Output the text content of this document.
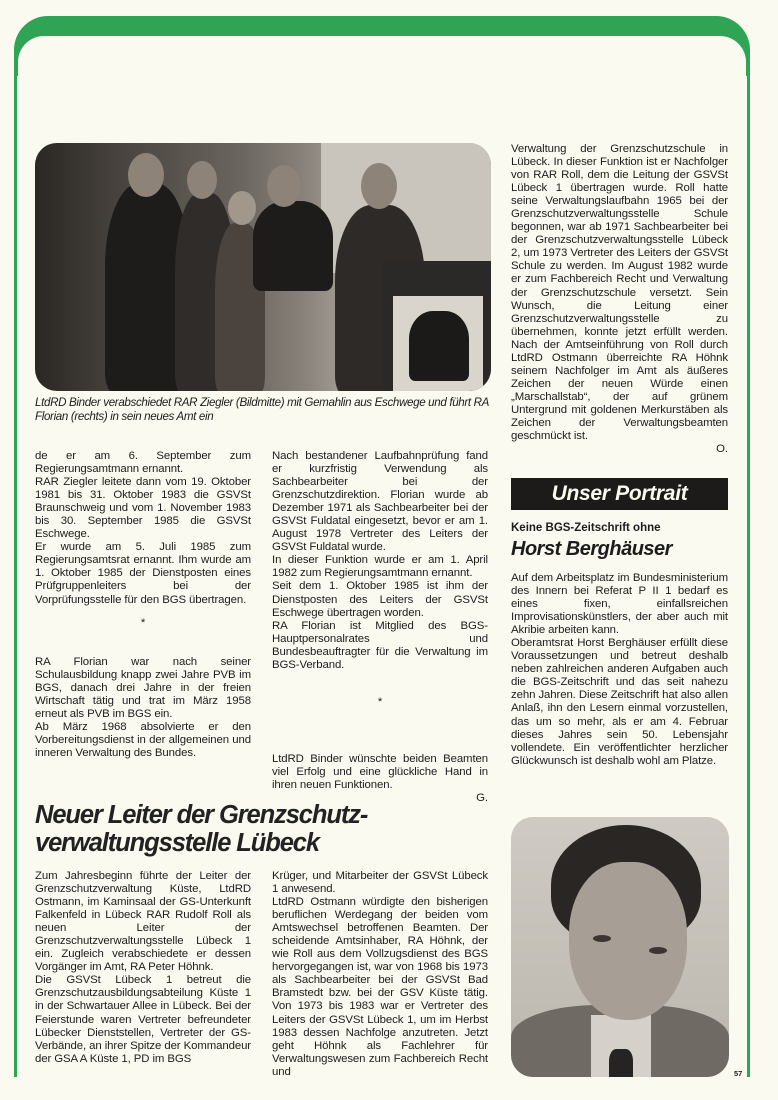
LtdRD Binder verabschiedet RAR Ziegler (Bildmitte) mit Gemahlin aus Eschwege und führt RA Florian (rechts) in sein neues Amt ein

de er am 6. September zum Regierungsamtmann ernannt.

RAR Ziegler leitete dann vom 19. Oktober 1981 bis 31. Oktober 1983 die GSVSt Braunschweig und vom 1. November 1983 bis 30. September 1985 die GSVSt Eschwege.

Er wurde am 5. Juli 1985 zum Regierungsamtsrat ernannt. Ihm wurde am 1. Oktober 1985 der Dienstposten eines Prüfgruppenleiters bei der Vorprüfungsstelle für den BGS übertragen.

*

RA Florian war nach seiner Schulausbildung knapp zwei Jahre PVB im BGS, danach drei Jahre in der freien Wirtschaft tätig und trat im März 1958 erneut als PVB im BGS ein.

Ab März 1968 absolvierte er den Vorbereitungsdienst in der allgemeinen und inneren Verwaltung des Bundes.

Nach bestandener Laufbahnprüfung fand er kurzfristig Verwendung als Sachbearbeiter bei der Grenzschutzdirektion. Florian wurde ab Dezember 1971 als Sachbearbeiter bei der GSVSt Fuldatal eingesetzt, bevor er am 1. August 1978 Vertreter des Leiters der GSVSt Fuldatal wurde.

In dieser Funktion wurde er am 1. April 1982 zum Regierungsamtmann ernannt.

Seit dem 1. Oktober 1985 ist ihm der Dienstposten des Leiters der GSVSt Eschwege übertragen worden.

RA Florian ist Mitglied des BGS-Hauptpersonalrates und Bundesbeauftragter für die Verwaltung im BGS-Verband.

*

LtdRD Binder wünschte beiden Beamten viel Erfolg und eine glückliche Hand in ihren neuen Funktionen.

G.

Verwaltung der Grenzschutzschule in Lübeck. In dieser Funktion ist er Nachfolger von RAR Roll, dem die Leitung der GSVSt Lübeck 1 übertragen wurde. Roll hatte seine Verwaltungslaufbahn 1965 bei der Grenzschutzverwaltungsstelle Schule begonnen, war ab 1971 Sachbearbeiter bei der Grenzschutzverwaltungsstelle Lübeck 2, um 1973 Vertreter des Leiters der GSVSt Schule zu werden. Im August 1982 wurde er zum Fachbereich Recht und Verwaltung der Grenzschutzschule versetzt. Sein Wunsch, die Leitung einer Grenzschutzverwaltungsstelle zu übernehmen, konnte jetzt erfüllt werden. Nach der Amtseinführung von Roll durch LtdRD Ostmann überreichte RA Höhnk seinem Nachfolger im Amt als äußeres Zeichen der neuen Würde einen „Marschallstab“, der auf grünem Untergrund mit goldenen Merkurstäben als Zeichen der Verwaltungsbeamten geschmückt ist.

O.
Unser Portrait
Keine BGS-Zeitschrift ohne
Horst Berghäuser

Auf dem Arbeitsplatz im Bundesministerium des Innern bei Referat P II 1 bedarf es eines fixen, einfallsreichen Improvisationskünstlers, der aber auch mit Akribie arbeiten kann.

Oberamtsrat Horst Berghäuser erfüllt diese Voraussetzungen und betreut deshalb neben zahlreichen anderen Aufgaben auch die BGS-Zeitschrift und das seit nahezu zehn Jahren. Diese Zeitschrift hat also allen Anlaß, ihn den Lesern einmal vorzustellen, das um so mehr, als er am 4. Februar dieses Jahres sein 50. Lebensjahr vollendete. Ein veröffentlichter herzlicher Glückwunsch ist deshalb wohl am Platze.

Neuer Leiter der Grenzschutz-
verwaltungsstelle Lübeck

Zum Jahresbeginn führte der Leiter der Grenzschutzverwaltung Küste, LtdRD Ostmann, im Kaminsaal der GS-Unterkunft Falkenfeld in Lübeck RAR Rudolf Roll als neuen Leiter der Grenzschutzverwaltungsstelle Lübeck 1 ein. Zugleich verabschiedete er dessen Vorgänger im Amt, RA Peter Höhnk.

Die GSVSt Lübeck 1 betreut die Grenzschutzausbildungsabteilung Küste 1 in der Schwartauer Allee in Lübeck. Bei der Feierstunde waren Vertreter befreundeter Lübecker Dienststellen, Vertreter der GS-Verbände, an ihrer Spitze der Kommandeur der GSA A Küste 1, PD im BGS

Krüger, und Mitarbeiter der GSVSt Lübeck 1 anwesend.

LtdRD Ostmann würdigte den bisherigen beruflichen Werdegang der beiden vom Amtswechsel betroffenen Beamten. Der scheidende Amtsinhaber, RA Höhnk, der wie Roll aus dem Vollzugsdienst des BGS hervorgegangen ist, war von 1968 bis 1973 als Sachbearbeiter bei der GSVSt Bad Bramstedt bzw. bei der GSV Küste tätig. Von 1973 bis 1983 war er Vertreter des Leiters der GSVSt Lübeck 1, um im Herbst 1983 dessen Nachfolge anzutreten. Jetzt geht Höhnk als Fachlehrer für Verwaltungswesen zum Fachbereich Recht und	57
